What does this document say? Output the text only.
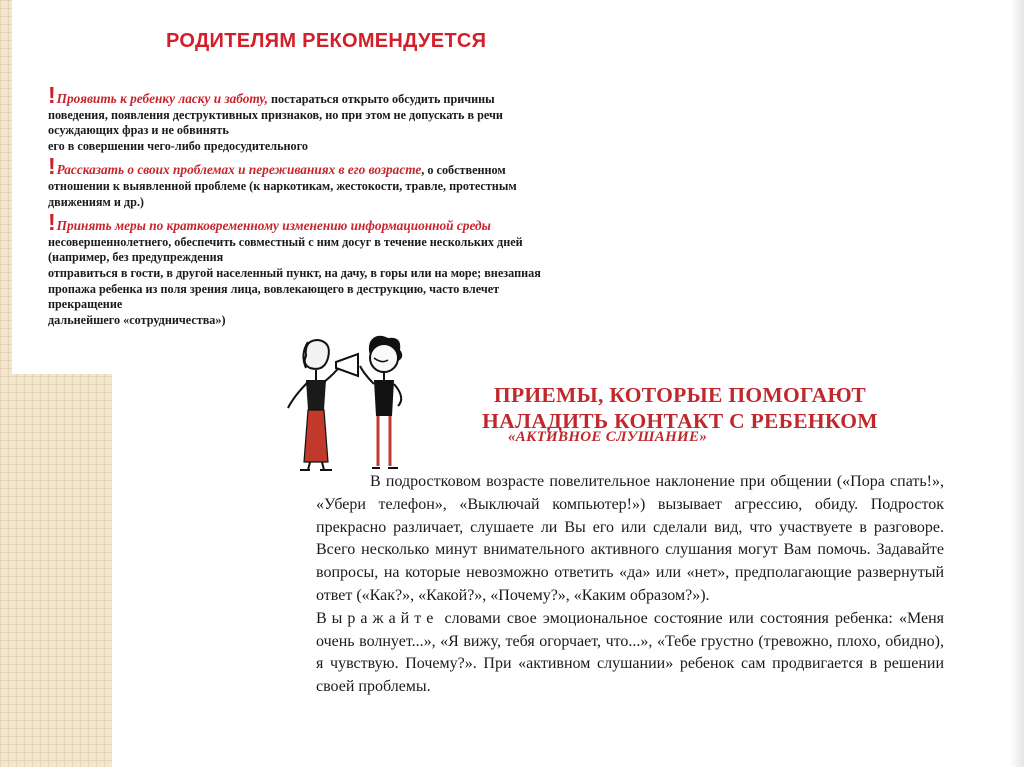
РОДИТЕЛЯМ РЕКОМЕНДУЕТСЯ
!Проявить к ребенку ласку и заботу, постараться открыто обсудить причины
поведения, появления деструктивных признаков, но при этом не допускать в речи
осуждающих фраз и не обвинять
его в совершении чего-либо предосудительного
!Рассказать о своих проблемах и переживаниях в его возрасте, о собственном
отношении к выявленной проблеме (к наркотикам, жестокости, травле, протестным
движениям и др.)
!Принять меры по кратковременному изменению информационной среды
несовершеннолетнего, обеспечить совместный с ним досуг в течение нескольких дней
(например, без предупреждения
отправиться в гости, в другой населенный пункт, на дачу, в горы или на море; внезапная
пропажа ребенка из поля зрения лица, вовлекающего в деструкцию, часто влечет
прекращение
дальнейшего «сотрудничества»)
ПРИЕМЫ, КОТОРЫЕ ПОМОГАЮТ
НАЛАДИТЬ КОНТАКТ С РЕБЕНКОМ
«АКТИВНОЕ СЛУШАНИЕ»

В подростковом возрасте повелительное наклонение при общении («Пора спать!», «Убери телефон», «Выключай компьютер!») вызывает агрессию, обиду. Подросток прекрасно различает, слушаете ли Вы его или сделали вид, что участвуете в разговоре. Всего несколько минут внимательного активного слушания могут Вам помочь. Задавайте вопросы, на которые невозможно ответить «да» или «нет», предполагающие развернутый ответ («Как?», «Какой?», «Почему?», «Каким образом?»).

Выражайте словами свое эмоциональное состояние или состояния ребенка: «Меня очень волнует...», «Я вижу, тебя огорчает, что...», «Тебе грустно (тревожно, плохо, обидно), я чувствую. Почему?». При «активном слушании» ребенок сам продвигается в решении своей проблемы.
